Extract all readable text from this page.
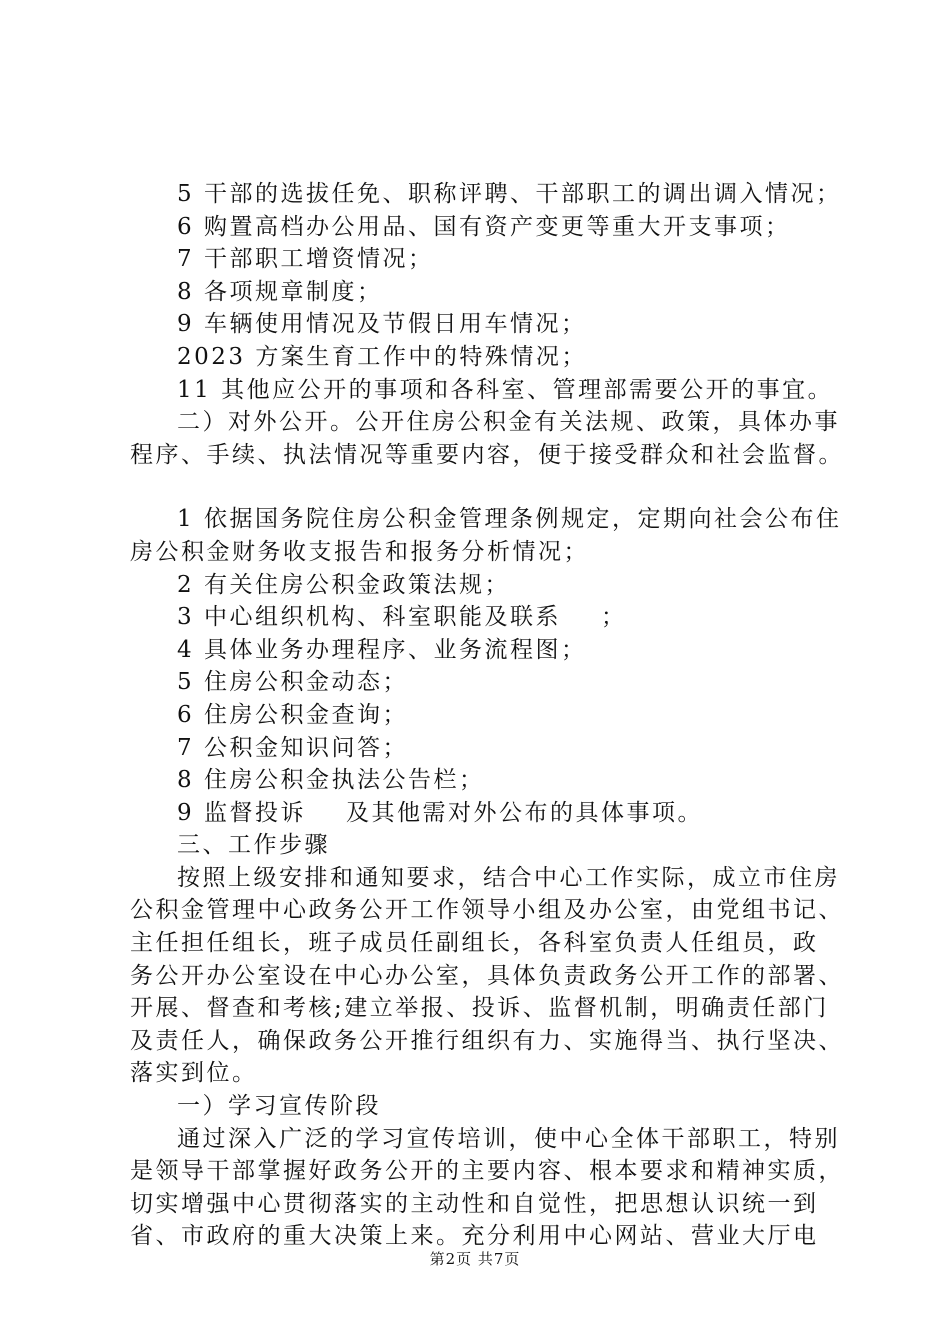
5 干部的选拔任免、职称评聘、干部职工的调出调入情况；
6 购置高档办公用品、国有资产变更等重大开支事项；
7 干部职工增资情况；
8 各项规章制度；
9 车辆使用情况及节假日用车情况；
2023 方案生育工作中的特殊情况；
11 其他应公开的事项和各科室、管理部需要公开的事宜。
二）对外公开。公开住房公积金有关法规、政策，具体办事
程序、手续、执法情况等重要内容，便于接受群众和社会监督。
1 依据国务院住房公积金管理条例规定，定期向社会公布住
房公积金财务收支报告和报务分析情况；
2 有关住房公积金政策法规；
3 中心组织机构、科室职能及联系 ；
4 具体业务办理程序、业务流程图；
5 住房公积金动态；
6 住房公积金查询；
7 公积金知识问答；
8 住房公积金执法公告栏；
9 监督投诉 及其他需对外公布的具体事项。
三、工作步骤
按照上级安排和通知要求，结合中心工作实际，成立市住房
公积金管理中心政务公开工作领导小组及办公室，由党组书记、
主任担任组长，班子成员任副组长，各科室负责人任组员，政
务公开办公室设在中心办公室，具体负责政务公开工作的部署、
开展、督查和考核;建立举报、投诉、监督机制，明确责任部门
及责任人，确保政务公开推行组织有力、实施得当、执行坚决、
落实到位。
一）学习宣传阶段
通过深入广泛的学习宣传培训，使中心全体干部职工，特别
是领导干部掌握好政务公开的主要内容、根本要求和精神实质，
切实增强中心贯彻落实的主动性和自觉性，把思想认识统一到
省、市政府的重大决策上来。充分利用中心网站、营业大厅电
第2页 共7页
